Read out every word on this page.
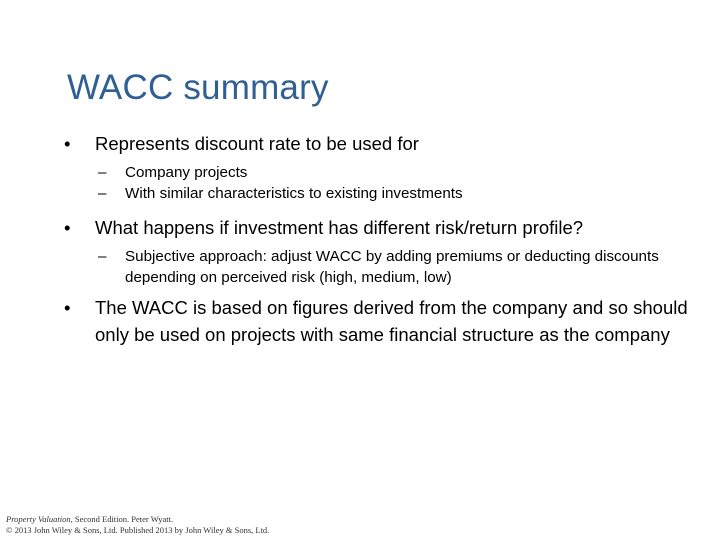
WACC summary

•	Represents discount rate to be used for

–	Company projects

–	With similar characteristics to existing investments

•	What happens if investment has different risk/return profile?

–	Subjective approach: adjust WACC by adding premiums or deducting discounts depending on perceived risk (high, medium, low)

•	The WACC is based on figures derived from the company and so should only be used on projects with same financial structure as the company

Property Valuation, Second Edition. Peter Wyatt.
© 2013 John Wiley & Sons, Ltd. Published 2013 by John Wiley & Sons, Ltd.
